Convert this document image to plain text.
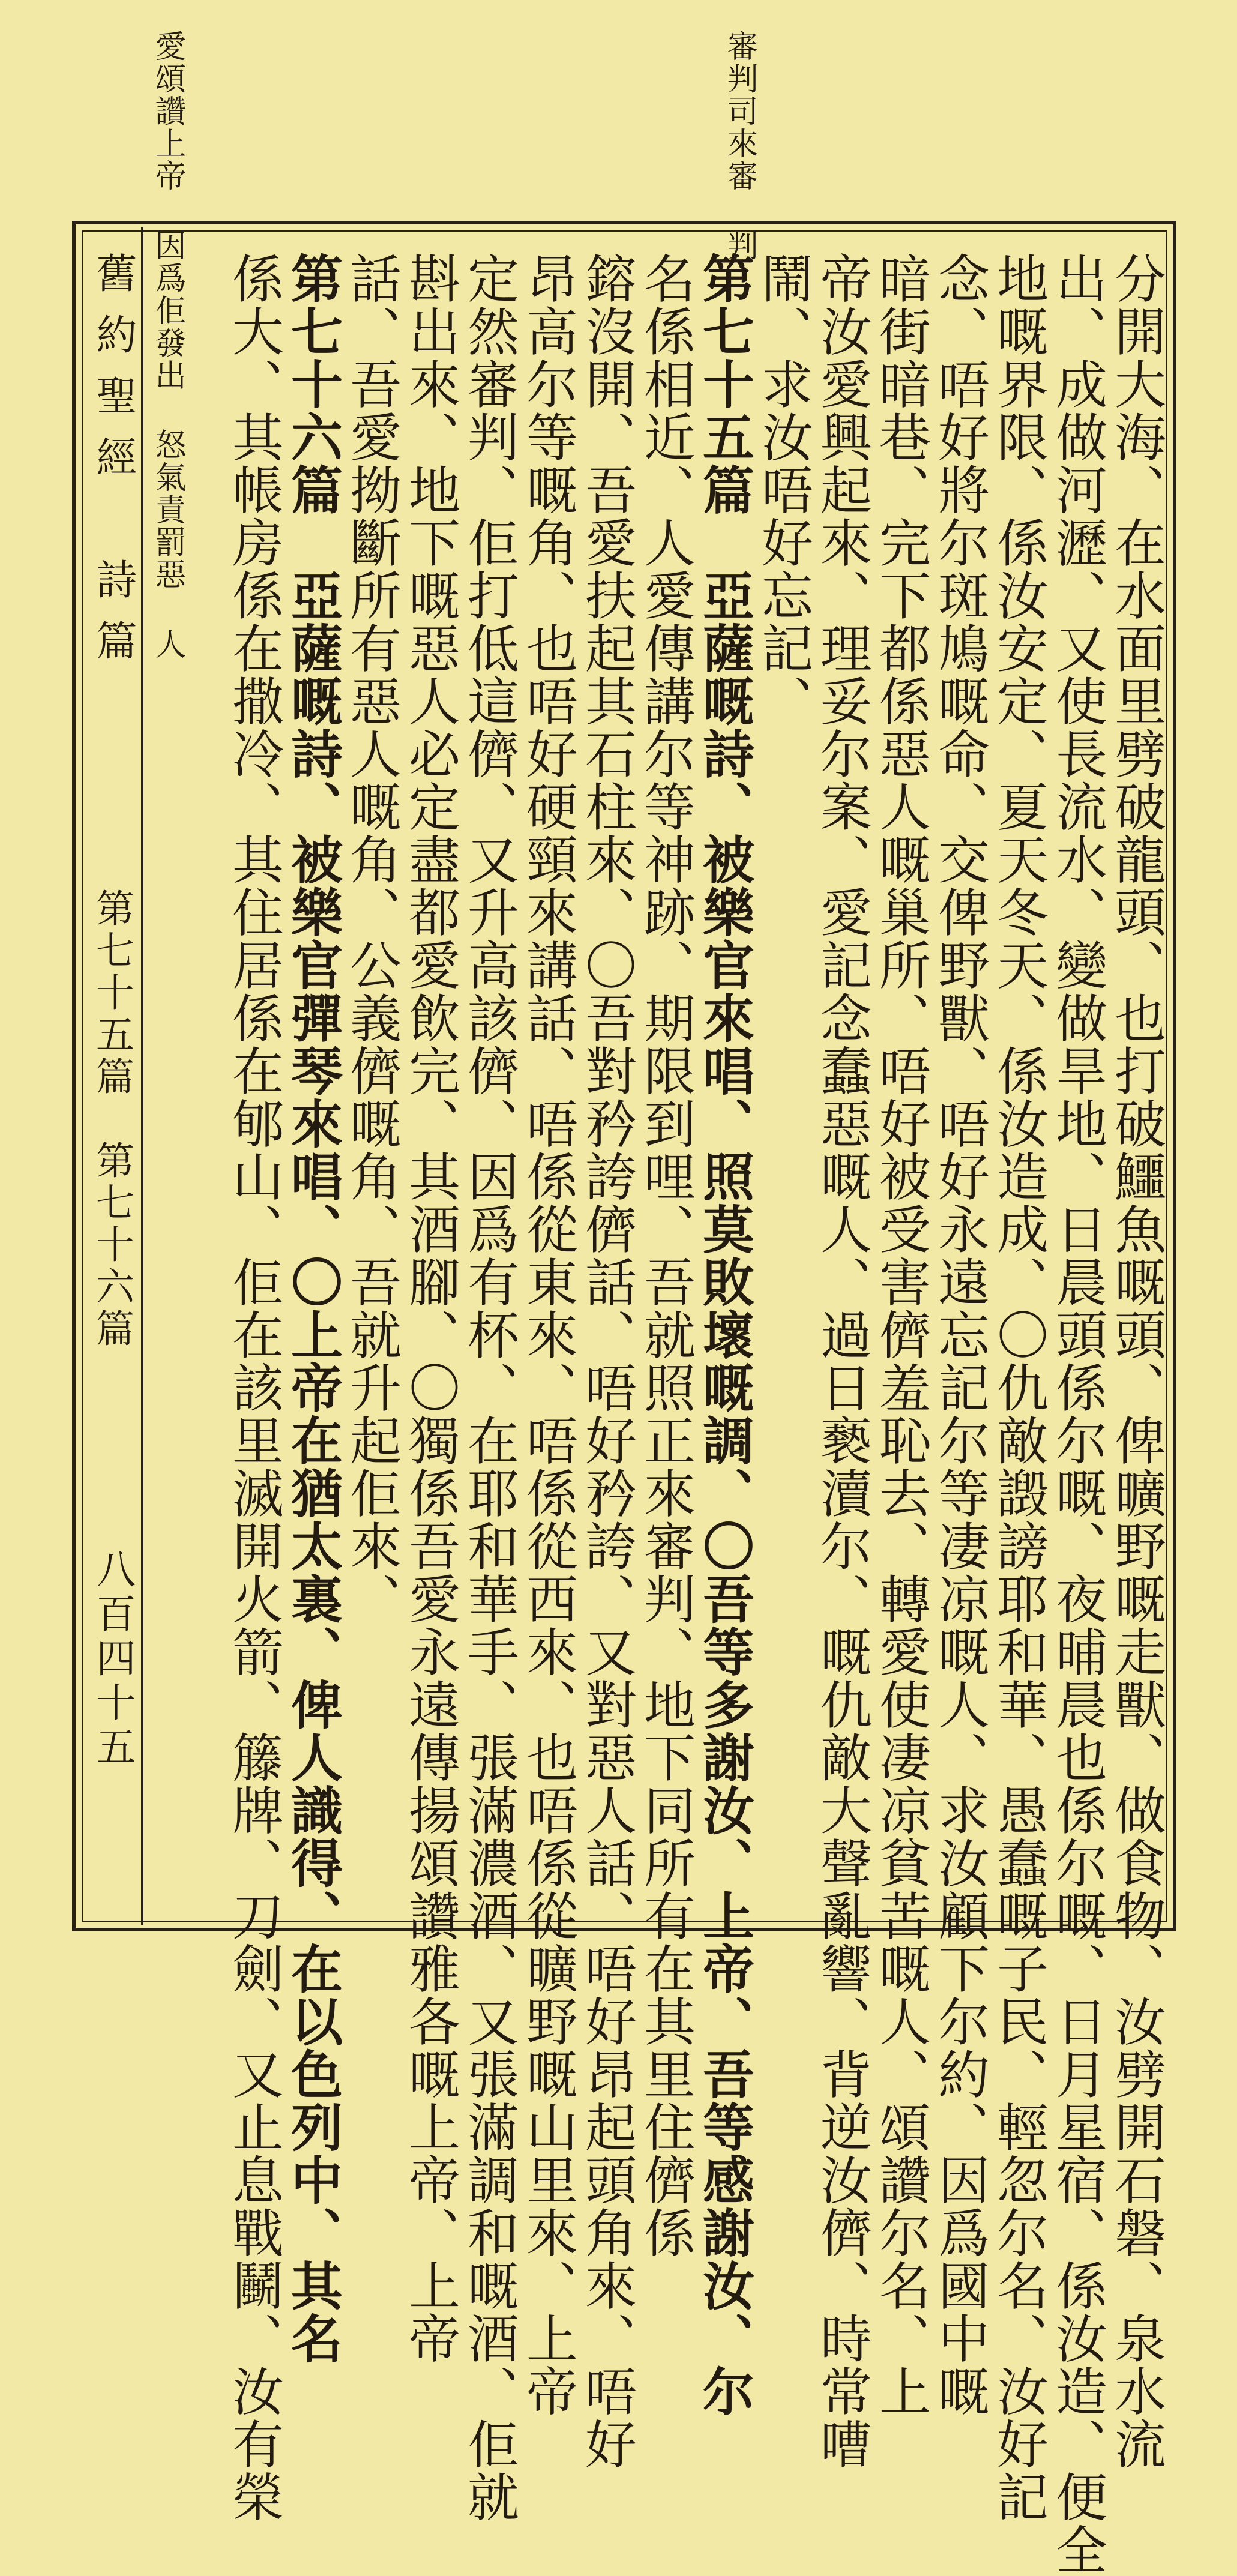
審判司來審 判
愛頌讚上帝 因爲佢發出 怒氣責罰惡 人
舊約聖經　詩篇
第七十五篇　第七十六篇
八百四十五	分開大海、在水面里劈破龍頭、也打破鱷魚嘅頭、俾曠野嘅走獸、做食物、汝劈開石磐、泉水流
出、成做河瀝、又使長流水、變做旱地、日晨頭係尔嘅、夜晡晨也係尔嘅、日月星宿、係汝造、便全
地嘅界限、係汝安定、夏天冬天、係汝造成、〇仇敵譭謗耶和華、愚蠢嘅子民、輕忽尔名、汝好記
念、唔好將尔斑鳩嘅命、交俾野獸、唔好永遠忘記尔等凄凉嘅人、求汝顧下尔約、因爲國中嘅
暗街暗巷、完下都係惡人嘅巢所、唔好被受害儕羞恥去、轉愛使凄凉貧苦嘅人、頌讚尔名、上
帝汝愛興起來、理妥尔案、愛記念蠢惡嘅人、過日褻瀆尔、嘅仇敵大聲亂響、背逆汝儕、時常嘈
鬧、求汝唔好忘記、
第七十五篇　亞薩嘅詩、被樂官來唱、照莫敗壞嘅調、〇吾等多謝汝、上帝、吾等感謝汝、尔
名係相近、人愛傳講尔等神跡、期限到哩、吾就照正來審判、地下同所有在其里住儕係
鎔沒開、吾愛扶起其石柱來、〇吾對矜誇儕話、唔好矜誇、又對惡人話、唔好昂起頭角來、唔好
昂高尔等嘅角、也唔好硬頸來講話、唔係從東來、唔係從西來、也唔係從曠野嘅山里來、上帝
定然審判、佢打低這儕、又升高該儕、因爲有杯、在耶和華手、張滿濃酒、又張滿調和嘅酒、佢就
斟出來、地下嘅惡人必定盡都愛飲完、其酒腳、〇獨係吾愛永遠傳揚頌讚雅各嘅上帝、上帝
話、吾愛拗斷所有惡人嘅角、公義儕嘅角、吾就升起佢來、
第七十六篇　亞薩嘅詩、被樂官彈琴來唱、〇上帝在猶太裏、俾人識得、在以色列中、其名
係大、其帳房係在撒冷、其住居係在郇山、佢在該里滅開火箭、籐牌、刀劍、又止息戰鬭、汝有榮
